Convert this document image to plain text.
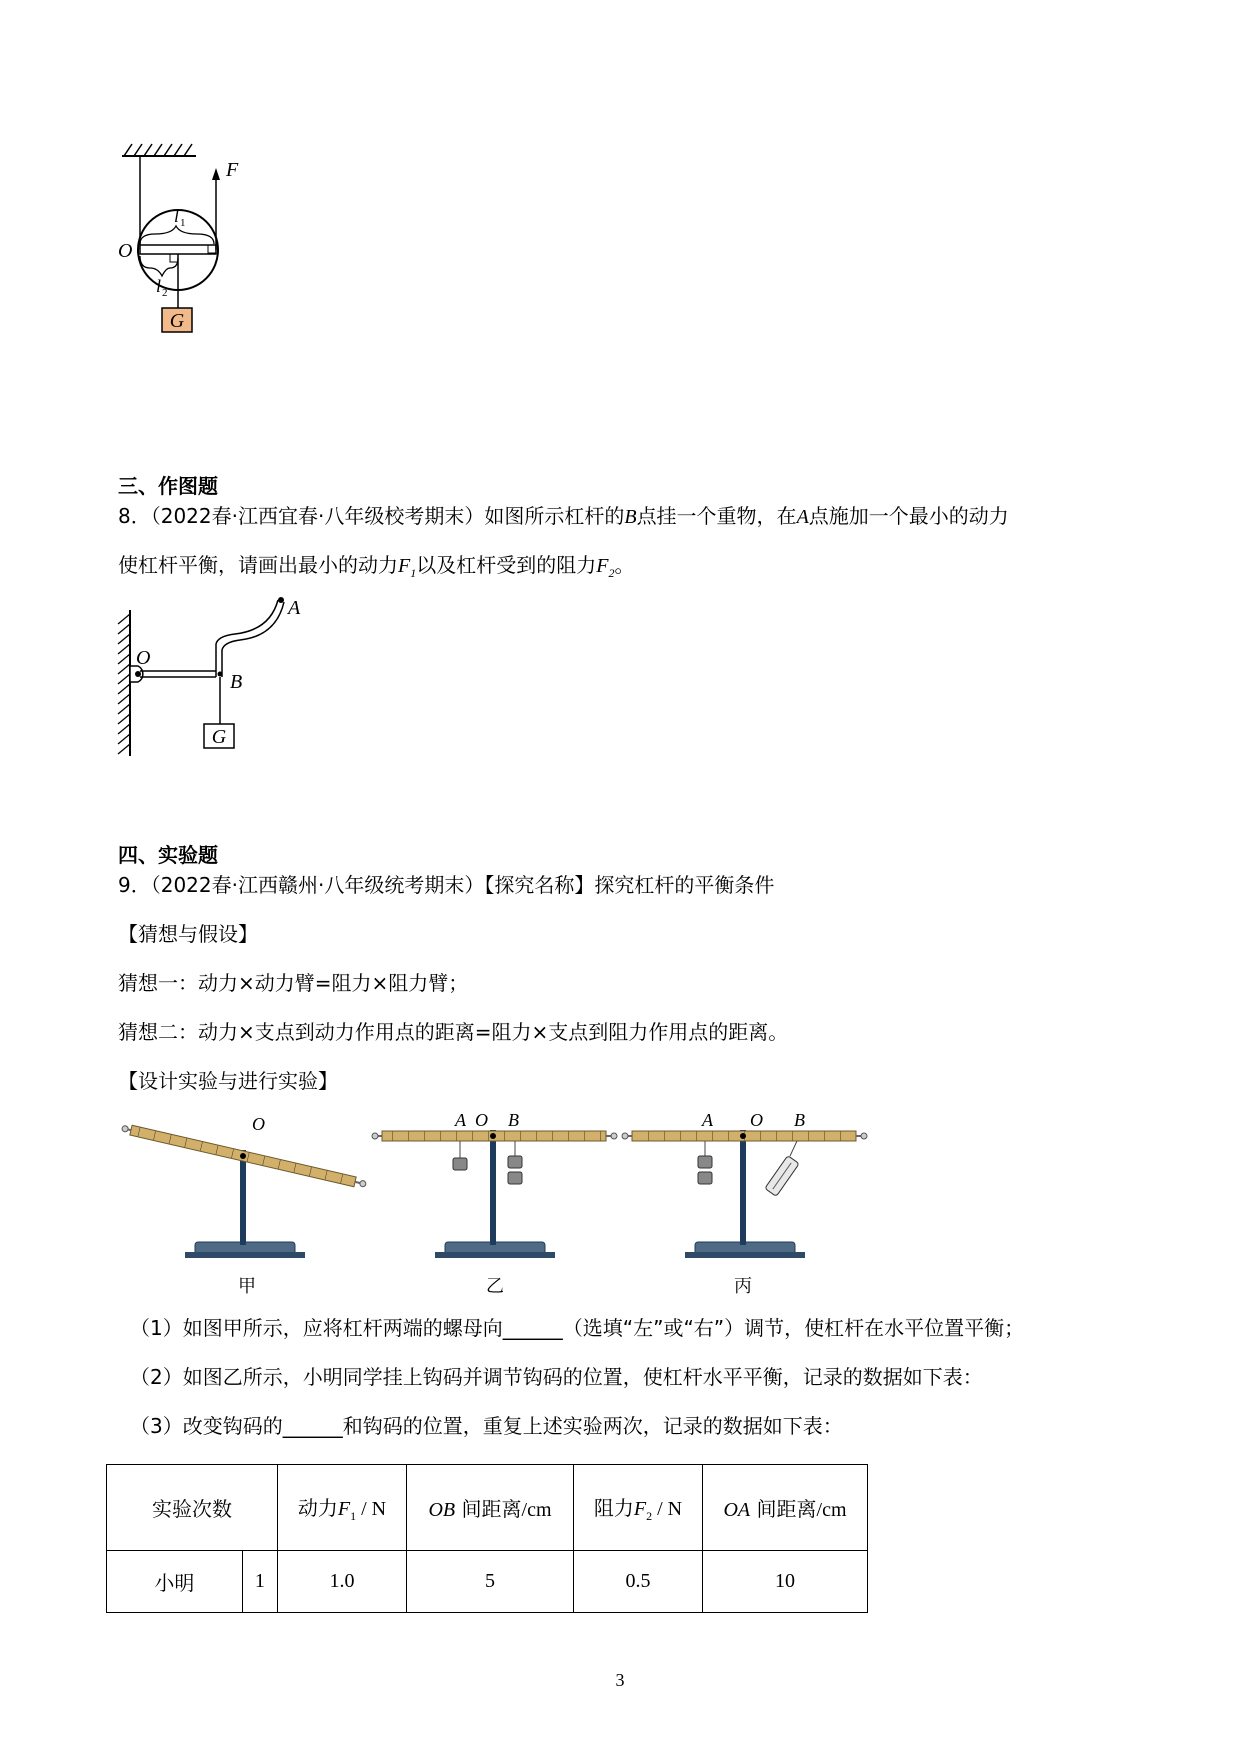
G
F
O
l 1
l 2
三、作图题
8．（2022春·江西宜春·八年级校考期末）如图所示杠杆的B点挂一个重物，在A点施加一个最小的动力
使杠杆平衡，请画出最小的动力$F_1$以及杠杆受到的阻力$F_2$。
G
A
O
B
四、实验题
9．（2022春·江西赣州·八年级统考期末）【探究名称】探究杠杆的平衡条件
【猜想与假设】
猜想一：动力×动力臂=阻力×阻力臂；
猜想二：动力×支点到动力作用点的距离=阻力×支点到阻力作用点的距离。
【设计实验与进行实验】
O
甲
A O B
乙
A O B
丙
（1）如图甲所示，应将杠杆两端的螺母向______（选填“左”或“右”）调节，使杠杆在水平位置平衡；
（2）如图乙所示，小明同学挂上钩码并调节钩码的位置，使杠杆水平平衡，记录的数据如下表：
（3）改变钩码的______和钩码的位置，重复上述实验两次，记录的数据如下表：
实验次数		动力$F_1$ / N	OB 间距离/cm	阻力$F_2$ / N	OA 间距离/cm
小明	1	1.0	5	0.5	10
3
